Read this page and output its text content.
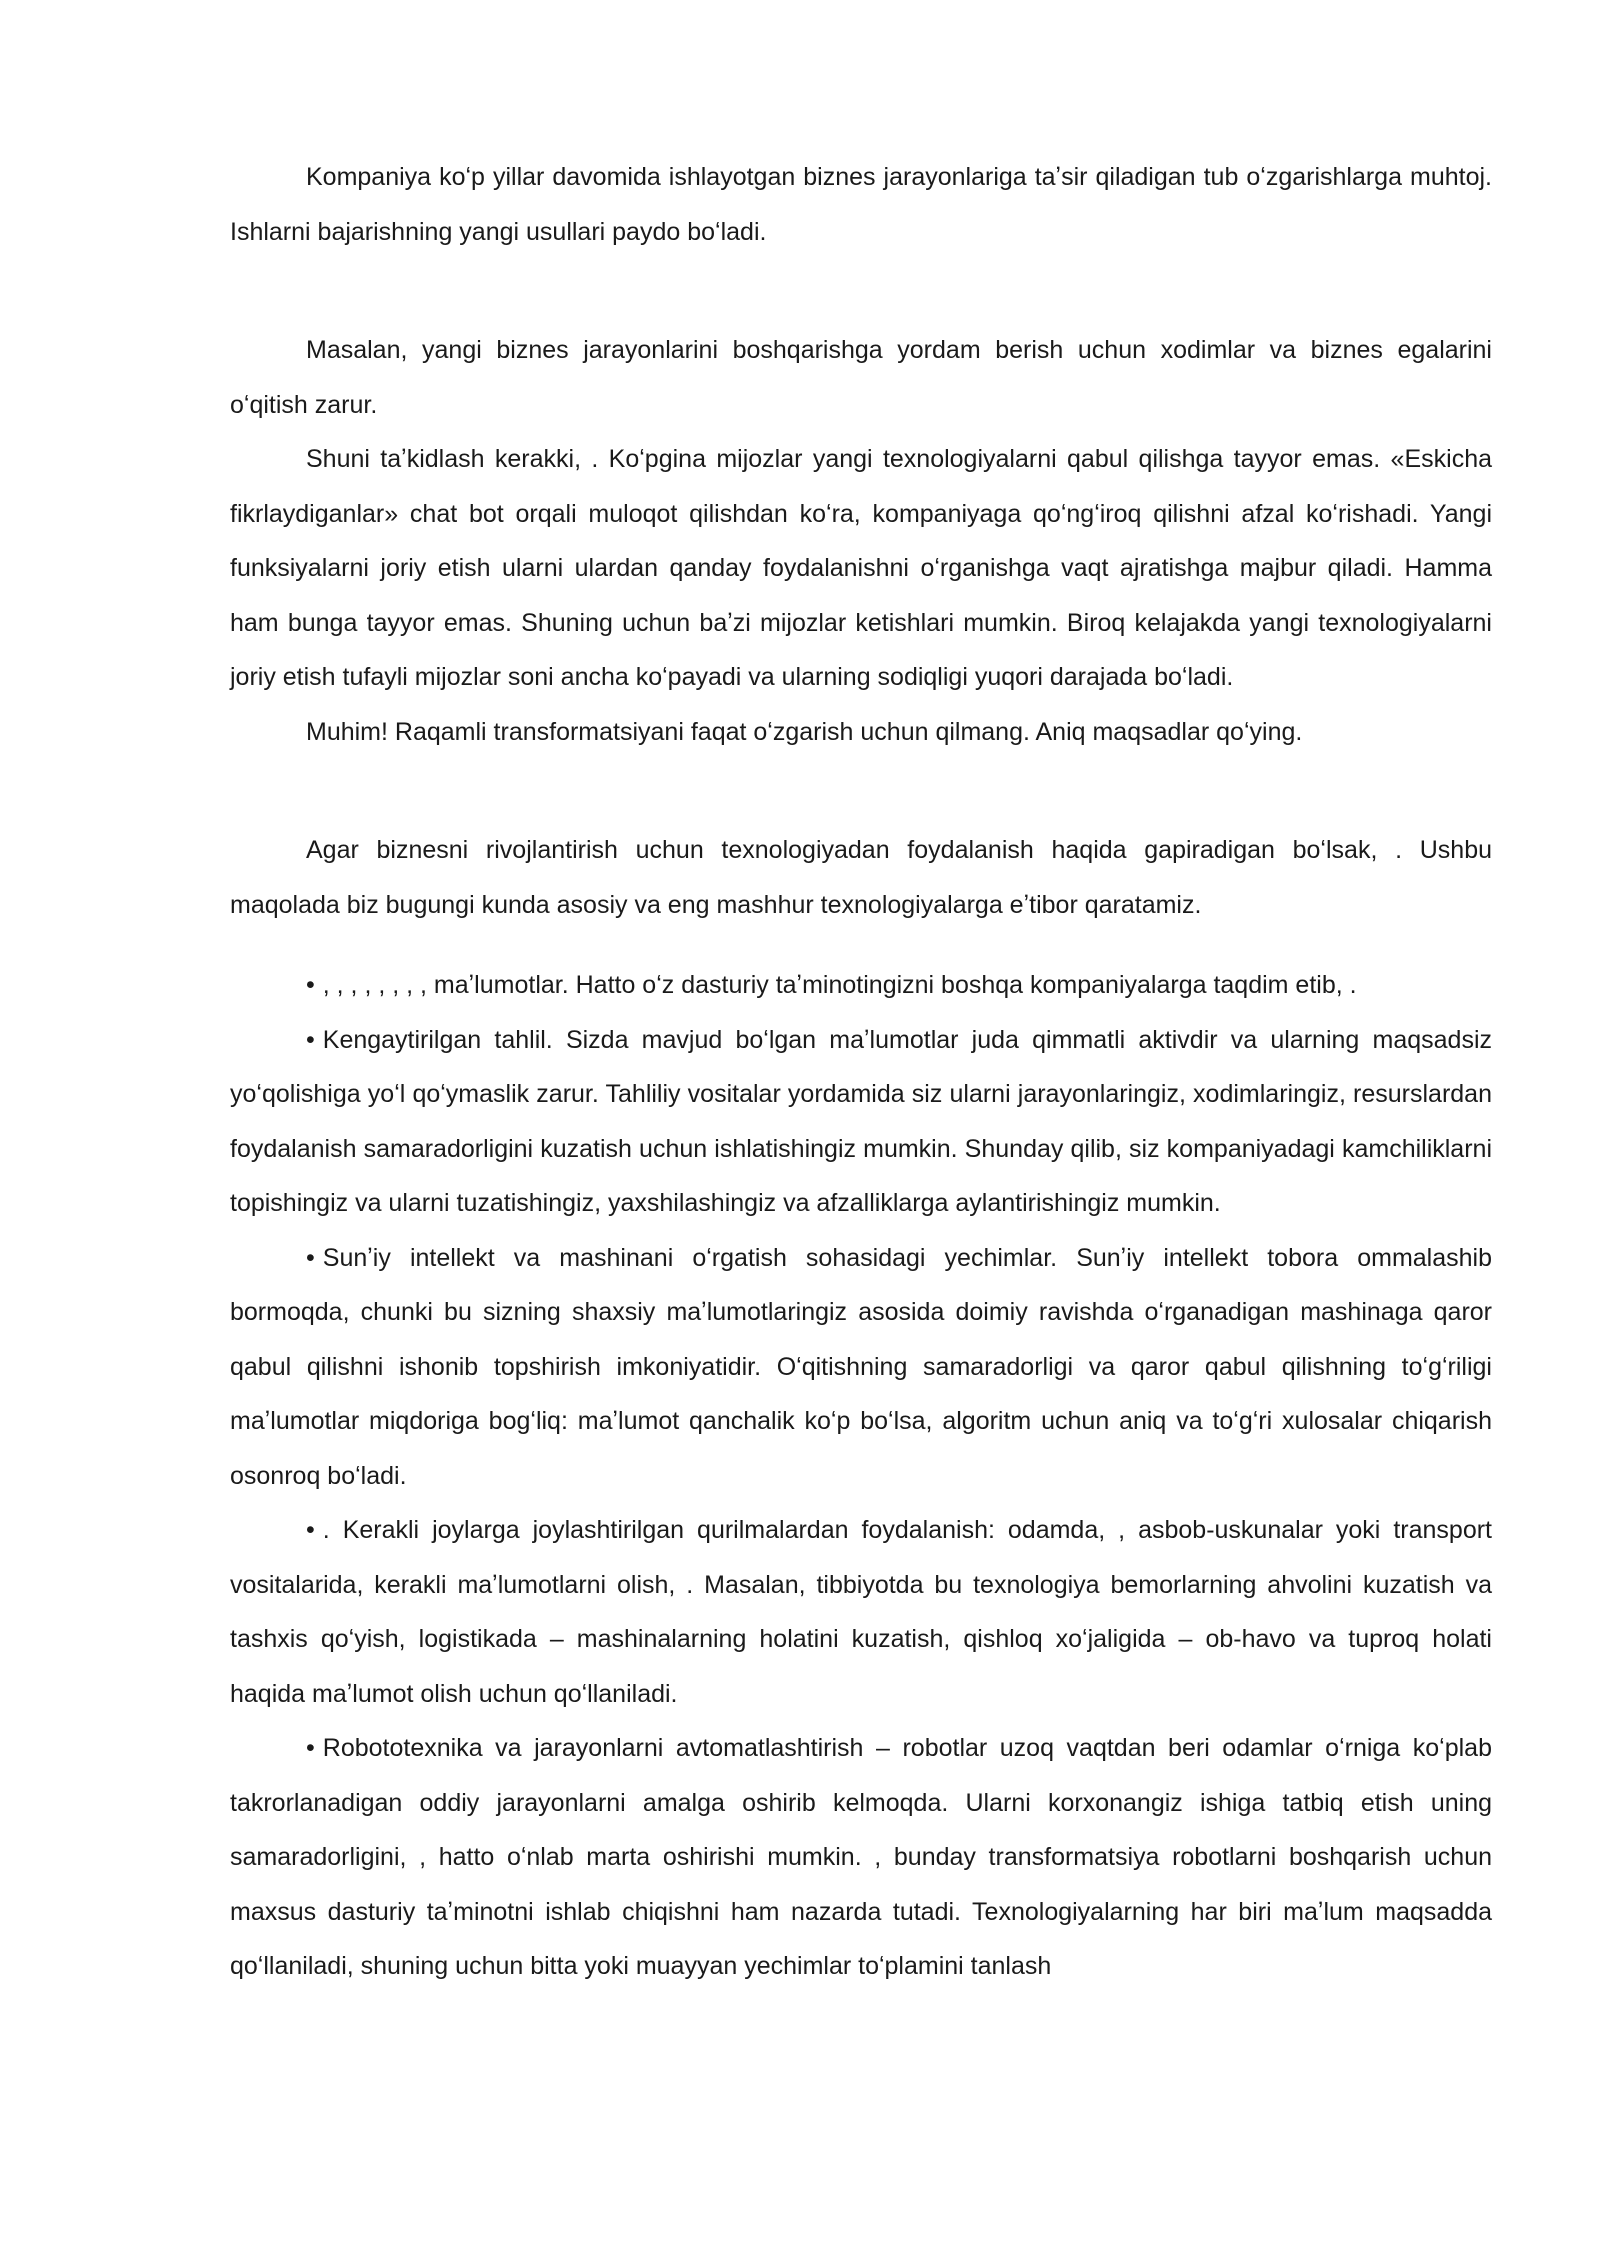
Kompaniya koʻp yillar davomida ishlayotgan biznes jarayonlariga taʼsir qiladigan tub oʻzgarishlarga muhtoj. Ishlarni bajarishning yangi usullari paydo boʻladi.

Masalan, yangi biznes jarayonlarini boshqarishga yordam berish uchun xodimlar va biznes egalarini oʻqitish zarur.

Shuni taʼkidlash kerakki, . Koʻpgina mijozlar yangi texnologiyalarni qabul qilishga tayyor emas. «Eskicha fikrlaydiganlar» chat bot orqali muloqot qilishdan koʻra, kompaniyaga qoʻngʻiroq qilishni afzal koʻrishadi. Yangi funksiyalarni joriy etish ularni ulardan qanday foydalanishni oʻrganishga vaqt ajratishga majbur qiladi. Hamma ham bunga tayyor emas. Shuning uchun baʼzi mijozlar ketishlari mumkin. Biroq kelajakda yangi texnologiyalarni joriy etish tufayli mijozlar soni ancha koʻpayadi va ularning sodiqligi yuqori darajada boʻladi.

Muhim! Raqamli transformatsiyani faqat oʻzgarish uchun qilmang. Aniq maqsadlar qoʻying.

Agar biznesni rivojlantirish uchun texnologiyadan foydalanish haqida gapiradigan boʻlsak, . Ushbu maqolada biz bugungi kunda asosiy va eng mashhur texnologiyalarga eʼtibor qaratamiz.

• , , , , , , , , maʼlumotlar. Hatto oʻz dasturiy taʼminotingizni boshqa kompaniyalarga taqdim etib, .

• Kengaytirilgan tahlil. Sizda mavjud boʻlgan maʼlumotlar juda qimmatli aktivdir va ularning maqsadsiz yoʻqolishiga yoʻl qoʻymaslik zarur. Tahliliy vositalar yordamida siz ularni jarayonlaringiz, xodimlaringiz, resurslardan foydalanish samaradorligini kuzatish uchun ishlatishingiz mumkin. Shunday qilib, siz kompaniyadagi kamchiliklarni topishingiz va ularni tuzatishingiz, yaxshilashingiz va afzalliklarga aylantirishingiz mumkin.

• Sunʼiy intellekt va mashinani oʻrgatish sohasidagi yechimlar. Sunʼiy intellekt tobora ommalashib bormoqda, chunki bu sizning shaxsiy maʼlumotlaringiz asosida doimiy ravishda oʻrganadigan mashinaga qaror qabul qilishni ishonib topshirish imkoniyatidir. Oʻqitishning samaradorligi va qaror qabul qilishning toʻgʻriligi maʼlumotlar miqdoriga bogʻliq: maʼlumot qanchalik koʻp boʻlsa, algoritm uchun aniq va toʻgʻri xulosalar chiqarish osonroq boʻladi.

• . Kerakli joylarga joylashtirilgan qurilmalardan foydalanish: odamda, , asbob-uskunalar yoki transport vositalarida, kerakli maʼlumotlarni olish, . Masalan, tibbiyotda bu texnologiya bemorlarning ahvolini kuzatish va tashxis qoʻyish, logistikada – mashinalarning holatini kuzatish, qishloq xoʻjaligida – ob-havo va tuproq holati haqida maʼlumot olish uchun qoʻllaniladi.

• Robototexnika va jarayonlarni avtomatlashtirish – robotlar uzoq vaqtdan beri odamlar oʻrniga koʻplab takrorlanadigan oddiy jarayonlarni amalga oshirib kelmoqda. Ularni korxonangiz ishiga tatbiq etish uning samaradorligini, , hatto oʻnlab marta oshirishi mumkin. , bunday transformatsiya robotlarni boshqarish uchun maxsus dasturiy taʼminotni ishlab chiqishni ham nazarda tutadi. Texnologiyalarning har biri maʼlum maqsadda qoʻllaniladi, shuning uchun bitta yoki muayyan yechimlar toʻplamini tanlash
